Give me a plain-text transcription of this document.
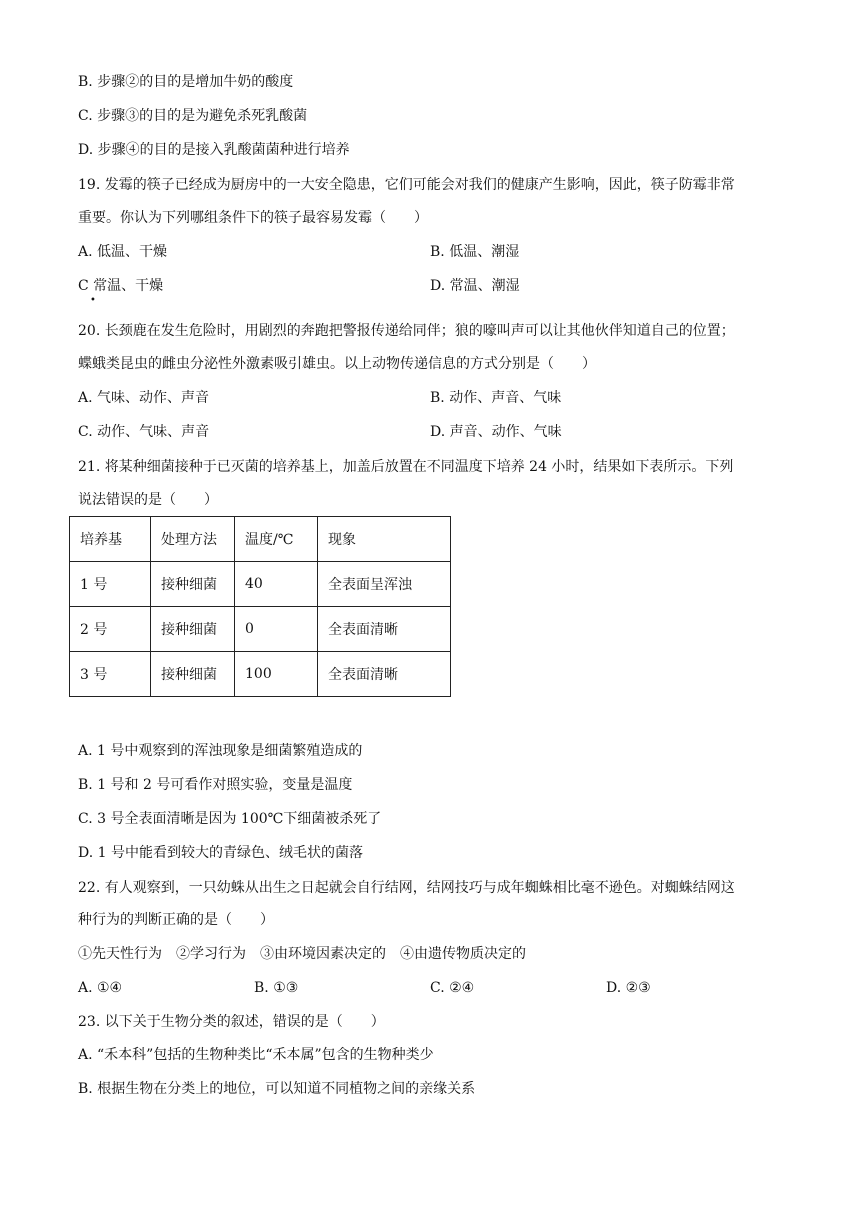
B. 步骤②的目的是增加牛奶的酸度
C. 步骤③的目的是为避免杀死乳酸菌
D. 步骤④的目的是接入乳酸菌菌种进行培养
19. 发霉的筷子已经成为厨房中的一大安全隐患，它们可能会对我们的健康产生影响，因此，筷子防霉非常
重要。你认为下列哪组条件下的筷子最容易发霉（　　）
A. 低温、干燥	B. 低温、潮湿
C 常温、干燥
•
D. 常温、潮湿
20. 长颈鹿在发生危险时，用剧烈的奔跑把警报传递给同伴；狼的嚎叫声可以让其他伙伴知道自己的位置；
蝶蛾类昆虫的雌虫分泌性外激素吸引雄虫。以上动物传递信息的方式分别是（　　）
A. 气味、动作、声音	B. 动作、声音、气味
C. 动作、气味、声音	D. 声音、动作、气味
21. 将某种细菌接种于已灭菌的培养基上，加盖后放置在不同温度下培养 24 小时，结果如下表所示。下列
说法错误的是（　　）
培养基	处理方法	温度/℃	现象
1 号	接种细菌	40	全表面呈浑浊
2 号	接种细菌	0	全表面清晰
3 号	接种细菌	100	全表面清晰
A. 1 号中观察到的浑浊现象是细菌繁殖造成的
B. 1 号和 2 号可看作对照实验，变量是温度
C. 3 号全表面清晰是因为 100℃下细菌被杀死了
D. 1 号中能看到较大的青绿色、绒毛状的菌落
22. 有人观察到，一只幼蛛从出生之日起就会自行结网，结网技巧与成年蜘蛛相比毫不逊色。对蜘蛛结网这
种行为的判断正确的是（　　）
①先天性行为　②学习行为　③由环境因素决定的　④由遗传物质决定的
A. ①④	B. ①③	C. ②④	D. ②③
23. 以下关于生物分类的叙述，错误的是（　　）
A. “禾本科”包括的生物种类比“禾本属”包含的生物种类少
B. 根据生物在分类上的地位，可以知道不同植物之间的亲缘关系
